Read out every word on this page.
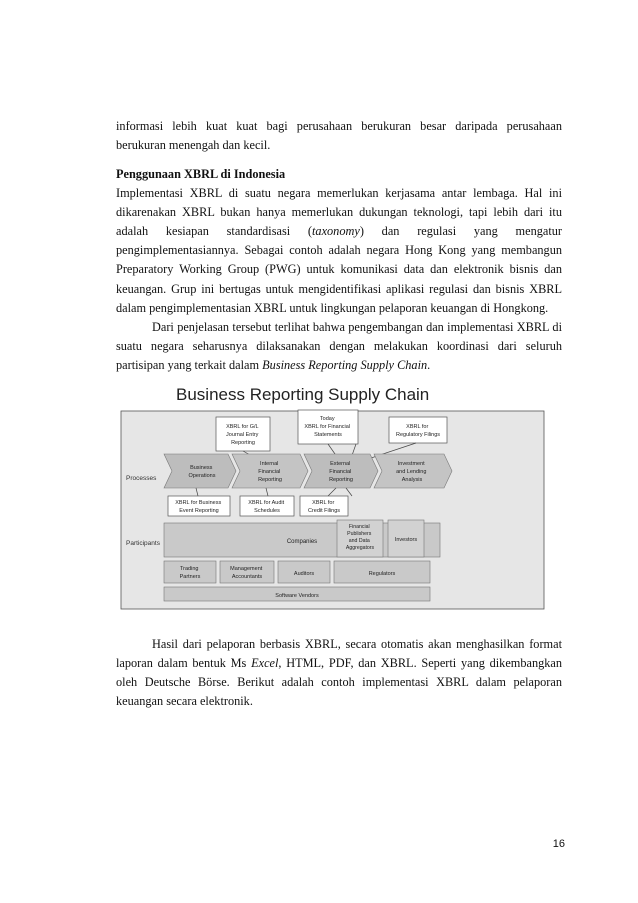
informasi lebih kuat kuat bagi perusahaan berukuran besar daripada perusahaan

berukuran menengah dan kecil.

Penggunaan XBRL di Indonesia

Implementasi XBRL di suatu negara memerlukan kerjasama antar lembaga. Hal ini dikarenakan XBRL bukan hanya memerlukan dukungan teknologi, tapi lebih dari itu adalah kesiapan standardisasi (taxonomy) dan regulasi yang mengatur pengimplementasiannya. Sebagai contoh adalah negara Hong Kong yang membangun Preparatory Working Group (PWG) untuk komunikasi data dan elektronik bisnis dan keuangan. Grup ini bertugas untuk mengidentifikasi aplikasi regulasi dan bisnis XBRL dalam pengimplementasian XBRL untuk lingkungan pelaporan keuangan di Hongkong.

Dari penjelasan tersebut terlihat bahwa pengembangan dan implementasi XBRL di suatu negara seharusnya dilaksanakan dengan melakukan koordinasi dari seluruh partisipan yang terkait dalam Business Reporting Supply Chain.

Business Reporting Supply Chain
Processes
Participants
XBRL for G/L Journal Entry Reporting
Today XBRL for Financial Statements
XBRL for Regulatory Filings
Business Operations
Internal Financial Reporting
External Financial Reporting
Investment and Lending Analysis
XBRL for Business Event Reporting
XBRL for Audit Schedules
XBRL for Credit Filings
Companies
Financial Publishers and Data Aggregators
Investors
Trading Partners
Management Accountants	Auditors	Regulators
Software Vendors

Hasil dari pelaporan berbasis XBRL, secara otomatis akan menghasilkan format laporan dalam bentuk Ms Excel, HTML, PDF, dan XBRL. Seperti yang dikembangkan oleh Deutsche Börse. Berikut adalah contoh implementasi XBRL dalam pelaporan keuangan secara elektronik.

16
